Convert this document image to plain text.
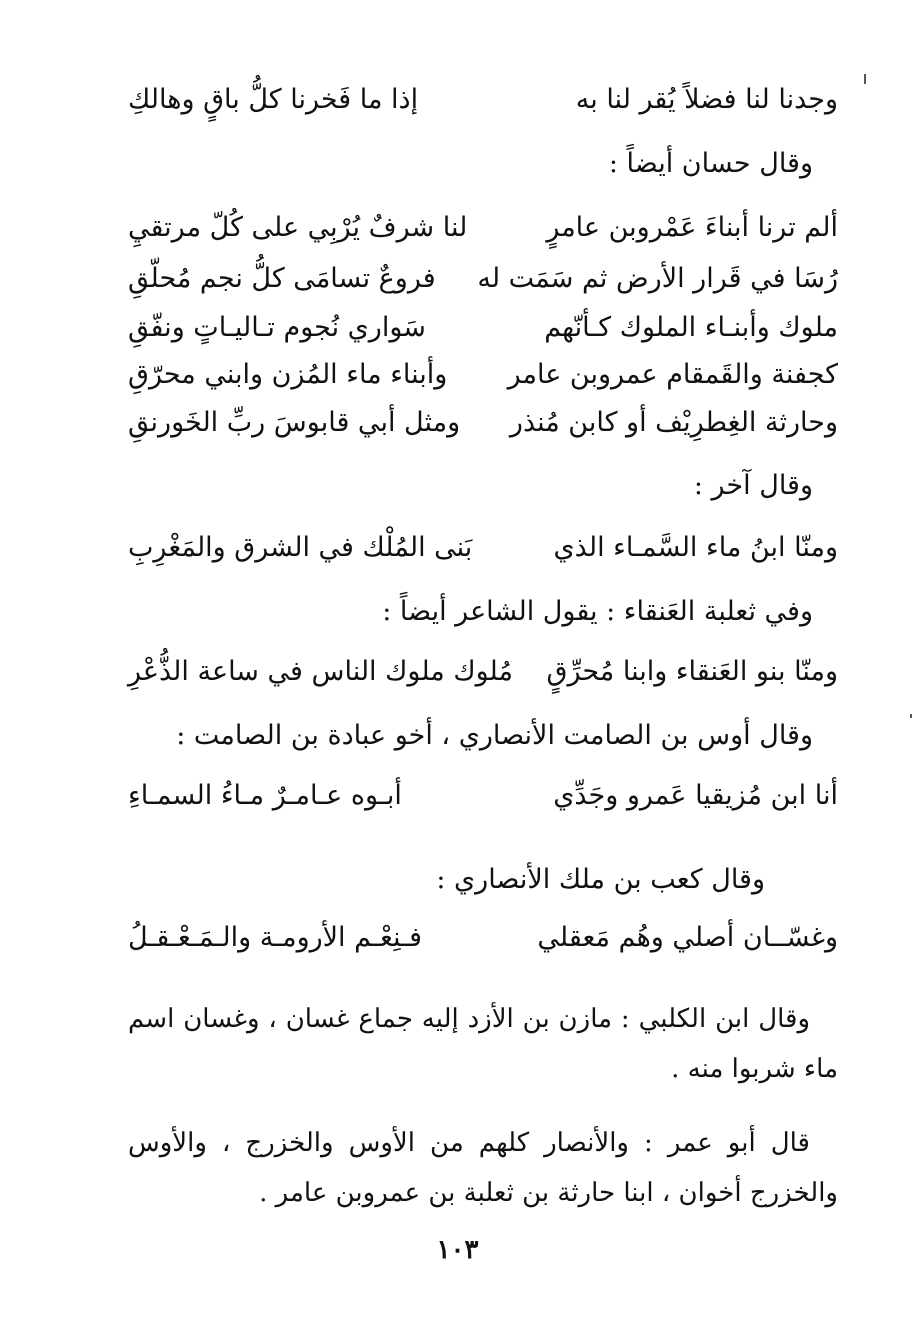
وجدنا لنا فضلاً يُقر لنا به
إذا ما فَخرنا كلُّ باقٍ وهالكِ
وقال حسان أيضاً :
ألم ترنا أبناءَ عَمْروبن عامرٍ
لنا شرفٌ يُرْبِي على كُلّ مرتقيِ
رُسَا في قَرار الأرض ثم سَمَت له
فروعٌ تسامَى كلُّ نجم مُحلّقِ
ملوك وأبنـاء الملوك كـأنّهم
سَواري نُجوم تـاليـاتٍ ونفّقِ
كجفنة والقَمقام عمروبن عامر
وأبناء ماء المُزن وابني محرّقِ
وحارثة الغِطرِيْف أو كابن مُنذر
ومثل أبي قابوسَ ربِّ الخَورنقِ
وقال آخر :
ومنّا ابنُ ماء السَّمـاء الذي
بَنى المُلْك في الشرق والمَغْرِبِ
وفي ثعلبة العَنقاء : يقول الشاعر أيضاً :
ومنّا بنو العَنقاء وابنا مُحرِّقٍ
مُلوك ملوك الناس في ساعة الذُّعْرِ
وقال أوس بن الصامت الأنصاري ، أخو عبادة بن الصامت :
أنا ابن مُزيقيا عَمرو وجَدِّي
أبـوه عـامـرٌ مـاءُ السمـاءِ
وقال كعب بن ملك الأنصاري :
وغسّــان أصلي وهُم مَعقلي
فـنِعْـم الأرومـة والـمَـعْـقـلُ
وقال ابن الكلبي : مازن بن الأزد إليه جماع غسان ، وغسان اسم ماء شربوا منه .
قال أبو عمر : والأنصار كلهم من الأوس والخزرج ، والأوس والخزرج أخوان ، ابنا حارثة بن ثعلبة بن عمروبن عامر .
١٠٣
